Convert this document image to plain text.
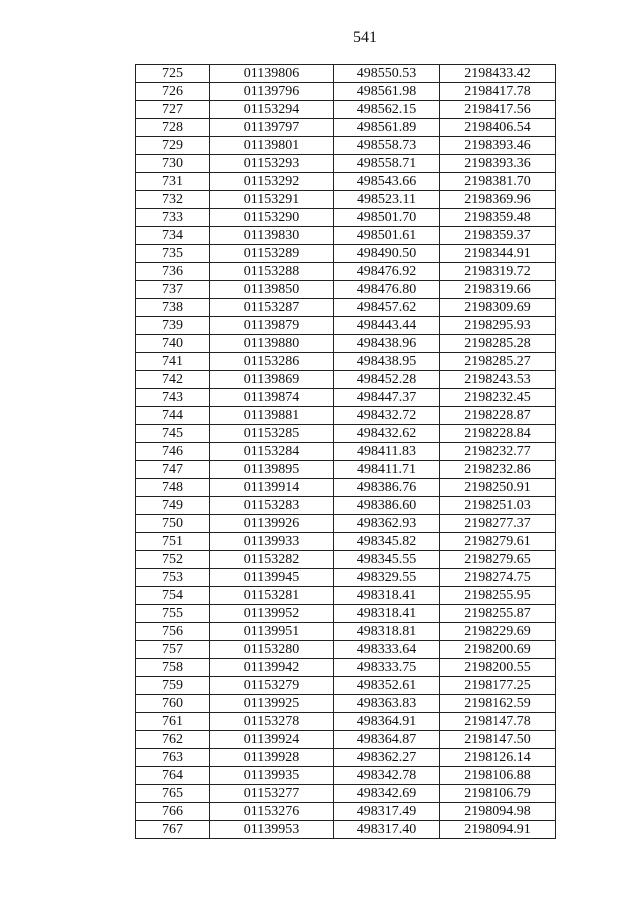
541
725	01139806	498550.53	2198433.42
726	01139796	498561.98	2198417.78
727	01153294	498562.15	2198417.56
728	01139797	498561.89	2198406.54
729	01139801	498558.73	2198393.46
730	01153293	498558.71	2198393.36
731	01153292	498543.66	2198381.70
732	01153291	498523.11	2198369.96
733	01153290	498501.70	2198359.48
734	01139830	498501.61	2198359.37
735	01153289	498490.50	2198344.91
736	01153288	498476.92	2198319.72
737	01139850	498476.80	2198319.66
738	01153287	498457.62	2198309.69
739	01139879	498443.44	2198295.93
740	01139880	498438.96	2198285.28
741	01153286	498438.95	2198285.27
742	01139869	498452.28	2198243.53
743	01139874	498447.37	2198232.45
744	01139881	498432.72	2198228.87
745	01153285	498432.62	2198228.84
746	01153284	498411.83	2198232.77
747	01139895	498411.71	2198232.86
748	01139914	498386.76	2198250.91
749	01153283	498386.60	2198251.03
750	01139926	498362.93	2198277.37
751	01139933	498345.82	2198279.61
752	01153282	498345.55	2198279.65
753	01139945	498329.55	2198274.75
754	01153281	498318.41	2198255.95
755	01139952	498318.41	2198255.87
756	01139951	498318.81	2198229.69
757	01153280	498333.64	2198200.69
758	01139942	498333.75	2198200.55
759	01153279	498352.61	2198177.25
760	01139925	498363.83	2198162.59
761	01153278	498364.91	2198147.78
762	01139924	498364.87	2198147.50
763	01139928	498362.27	2198126.14
764	01139935	498342.78	2198106.88
765	01153277	498342.69	2198106.79
766	01153276	498317.49	2198094.98
767	01139953	498317.40	2198094.91
